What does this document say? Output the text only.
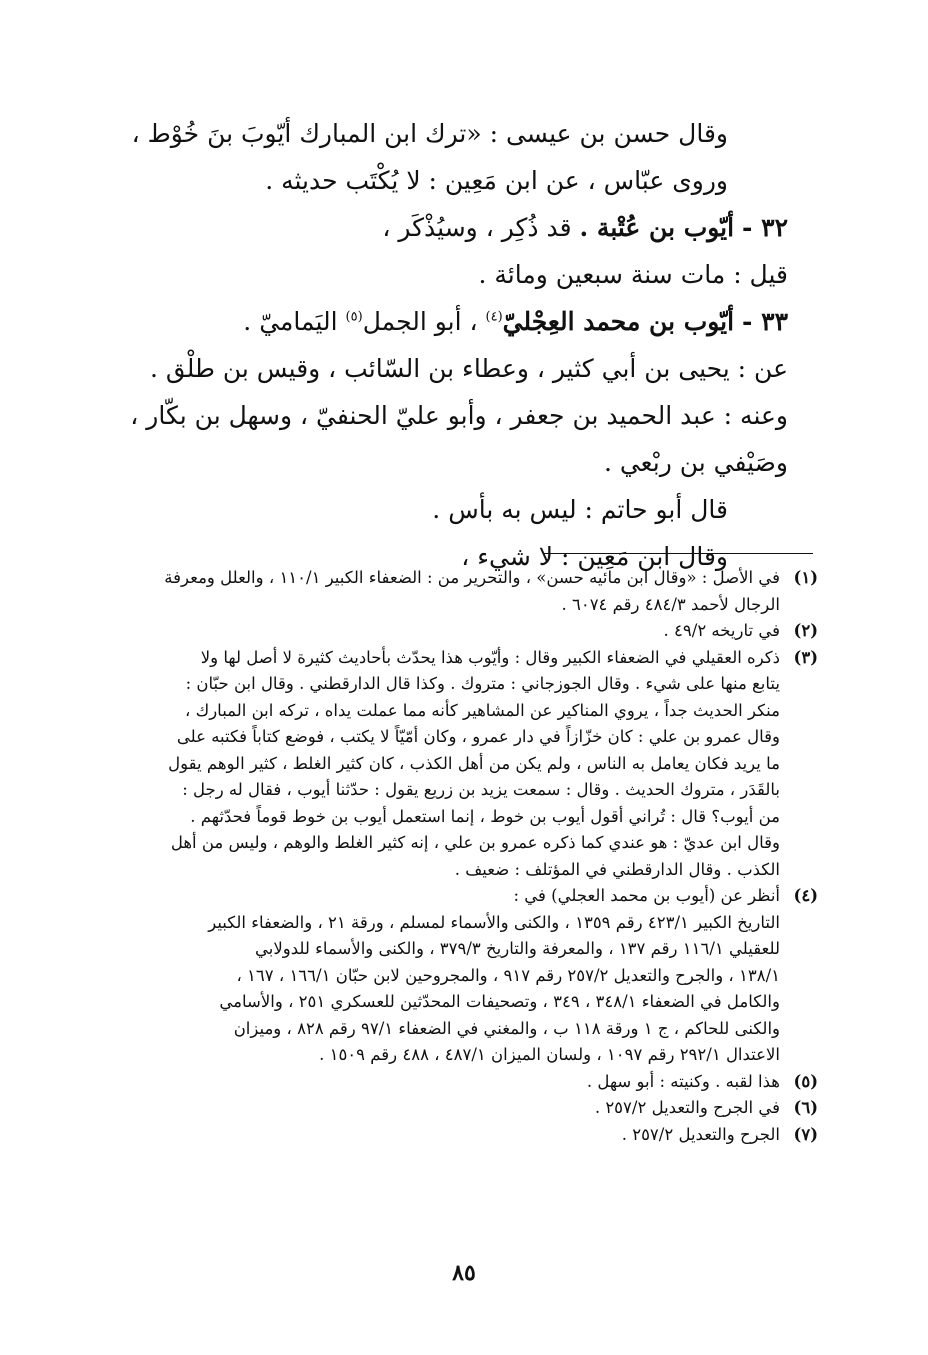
وقال حسن بن عيسى : «ترك ابن المبارك أيّوبَ بنَ خُوْط ،
وروى عبّاس ، عن ابن مَعِين : لا يُكْتَب حديثه .
٣٢ - أيّوب بن عُتْبة . قد ذُكِر ، وسيُذْكَر ،
قيل : مات سنة سبعين ومائة .
٣٣ - أيّوب بن محمد العِجْليّ$^{(٤)}$ ، أبو الجمل$^{(٥)}$ اليَماميّ .
عن : يحيى بن أبي كثير ، وعطاء بن السّائب ، وقيس بن طلْق .
وعنه : عبد الحميد بن جعفر ، وأبو عليّ الحنفيّ ، وسهل بن بكّار ،
وصَيْفي بن ربْعي .
قال أبو حاتم : ليس به بأس .
وقال ابن مَعِين : لا شيء ،
(١)
في الأصل : «وقال ابن مائيه حسن» ، والتحرير من : الضعفاء الكبير ١١٠/١ ، والعلل ومعرفة
الرجال لأحمد ٤٨٤/٣ رقم ٦٠٧٤ .
(٢)
في تاريخه ٤٩/٢ .
(٣)
ذكره العقيلي في الضعفاء الكبير وقال : وأيّوب هذا يحدّث بأحاديث كثيرة لا أصل لها ولا
يتابع منها على شيء . وقال الجوزجاني : متروك . وكذا قال الدارقطني . وقال ابن حبّان :
منكر الحديث جداً ، يروي المناكير عن المشاهير كأنه مما عملت يداه ، تركه ابن المبارك ،
وقال عمرو بن علي : كان خزّازاً في دار عمرو ، وكان أمّيّاً لا يكتب ، فوضع كتاباً فكتبه على
ما يريد فكان يعامل به الناس ، ولم يكن من أهل الكذب ، كان كثير الغلط ، كثير الوهم يقول
بالقَدَر ، متروك الحديث . وقال : سمعت يزيد بن زريع يقول : حدّثنا أيوب ، فقال له رجل :
من أيوب؟ قال : تُراني أقول أيوب بن خوط ، إنما استعمل أيوب بن خوط قوماً فحدّثهم .
وقال ابن عديّ : هو عندي كما ذكره عمرو بن علي ، إنه كثير الغلط والوهم ، وليس من أهل
الكذب . وقال الدارقطني في المؤتلف : ضعيف .
(٤)
أنظر عن (أيوب بن محمد العجلي) في :
التاريخ الكبير ٤٢٣/١ رقم ١٣٥٩ ، والكنى والأسماء لمسلم ، ورقة ٢١ ، والضعفاء الكبير
للعقيلي ١١٦/١ رقم ١٣٧ ، والمعرفة والتاريخ ٣٧٩/٣ ، والكنى والأسماء للدولابي
١٣٨/١ ، والجرح والتعديل ٢٥٧/٢ رقم ٩١٧ ، والمجروحين لابن حبّان ١٦٦/١ ، ١٦٧ ،
والكامل في الضعفاء ٣٤٨/١ ، ٣٤٩ ، وتصحيفات المحدّثين للعسكري ٢٥١ ، والأسامي
والكنى للحاكم ، ج ١ ورقة ١١٨ ب ، والمغني في الضعفاء ٩٧/١ رقم ٨٢٨ ، وميزان
الاعتدال ٢٩٢/١ رقم ١٠٩٧ ، ولسان الميزان ٤٨٧/١ ، ٤٨٨ رقم ١٥٠٩ .
(٥)
هذا لقبه . وكنيته : أبو سهل .
(٦)
في الجرح والتعديل ٢٥٧/٢ .
(٧)
الجرح والتعديل ٢٥٧/٢ .
٨٥
